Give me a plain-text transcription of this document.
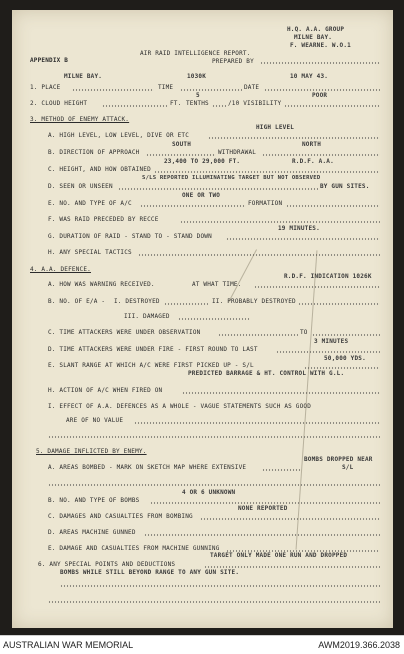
H.Q. A.A. GROUP
MILNE BAY.
F. WEARNE. W.O.1
APPENDIX B
AIR RAID INTELLIGENCE REPORT.
PREPARED BY
MILNE BAY.	1030K	10 MAY 43.
1. PLACE	TIME	DATE
5	POOR
2. CLOUD HEIGHT	FT. TENTHS	/10 VISIBILITY
3. METHOD OF ENEMY ATTACK.
HIGH LEVEL
A. HIGH LEVEL, LOW LEVEL, DIVE OR ETC
SOUTH	NORTH
B. DIRECTION OF APPROACH	WITHDRAWAL
23,400 TO 29,000 FT.	R.D.F. A.A.
C. HEIGHT, AND HOW OBTAINED
S/LS REPORTED ILLUMINATING TARGET BUT NOT OBSERVED
D. SEEN OR UNSEEN	BY GUN SITES.
ONE OR TWO
E. NO. AND TYPE OF A/C	FORMATION
F. WAS RAID PRECEDED BY RECCE
19 MINUTES.
G. DURATION OF RAID - STAND TO - STAND DOWN
H. ANY SPECIAL TACTICS
4. A.A. DEFENCE.
R.D.F. INDICATION 1026K
A. HOW WAS WARNING RECEIVED.	AT WHAT TIME.
B. NO. OF E/A - I. DESTROYED	II. PROBABLY DESTROYED
III. DAMAGED
C. TIME ATTACKERS WERE UNDER OBSERVATION	TO
3 MINUTES
D. TIME ATTACKERS WERE UNDER FIRE - FIRST ROUND TO LAST
50,000 YDS.
E. SLANT RANGE AT WHICH A/C WERE FIRST PICKED UP - S/L
PREDICTED BARRAGE & HT. CONTROL WITH G.L.
H. ACTION OF A/C WHEN FIRED ON
I. EFFECT OF A.A. DEFENCES AS A WHOLE - VAGUE STATEMENTS SUCH AS GOOD
ARE OF NO VALUE
5. DAMAGE INFLICTED BY ENEMY.
BOMBS DROPPED NEAR
A. AREAS BOMBED - MARK ON SKETCH MAP WHERE EXTENSIVE	S/L
4 OR 6 UNKNOWN
B. NO. AND TYPE OF BOMBS
NONE REPORTED
C. DAMAGES AND CASUALTIES FROM BOMBING
D. AREAS MACHINE GUNNED
E. DAMAGE AND CASUALTIES FROM MACHINE GUNNING
TARGET ONLY MADE ONE RUN AND DROPPED
6. ANY SPECIAL POINTS AND DEDUCTIONS
BOMBS WHILE STILL BEYOND RANGE TO ANY GUN SITE.
AUSTRALIAN WAR MEMORIAL	AWM2019.366.2038
